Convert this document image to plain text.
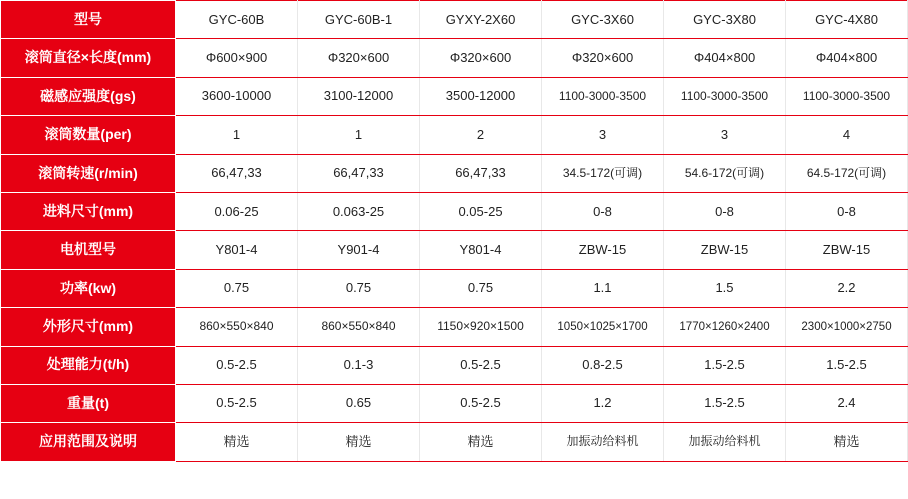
型号	GYC-60B	GYC-60B-1	GYXY-2X60	GYC-3X60	GYC-3X80	GYC-4X80
滚筒直径×长度(mm)	Φ600×900	Φ320×600	Φ320×600	Φ320×600	Φ404×800	Φ404×800
磁感应强度(gs)	3600-10000	3100-12000	3500-12000	1100-3000-3500	1100-3000-3500	1100-3000-3500
滚筒数量(per)	1	1	2	3	3	4
滚筒转速(r/min)	66,47,33	66,47,33	66,47,33	34.5-172(可调)	54.6-172(可调)	64.5-172(可调)
进料尺寸(mm)	0.06-25	0.063-25	0.05-25	0-8	0-8	0-8
电机型号	Y801-4	Y901-4	Y801-4	ZBW-15	ZBW-15	ZBW-15
功率(kw)	0.75	0.75	0.75	1.1	1.5	2.2
外形尺寸(mm)	860×550×840	860×550×840	1150×920×1500	1050×1025×1700	1770×1260×2400	2300×1000×2750
处理能力(t/h)	0.5-2.5	0.1-3	0.5-2.5	0.8-2.5	1.5-2.5	1.5-2.5
重量(t)	0.5-2.5	0.65	0.5-2.5	1.2	1.5-2.5	2.4
应用范围及说明	精选	精选	精选	加振动给料机	加振动给料机	精选
